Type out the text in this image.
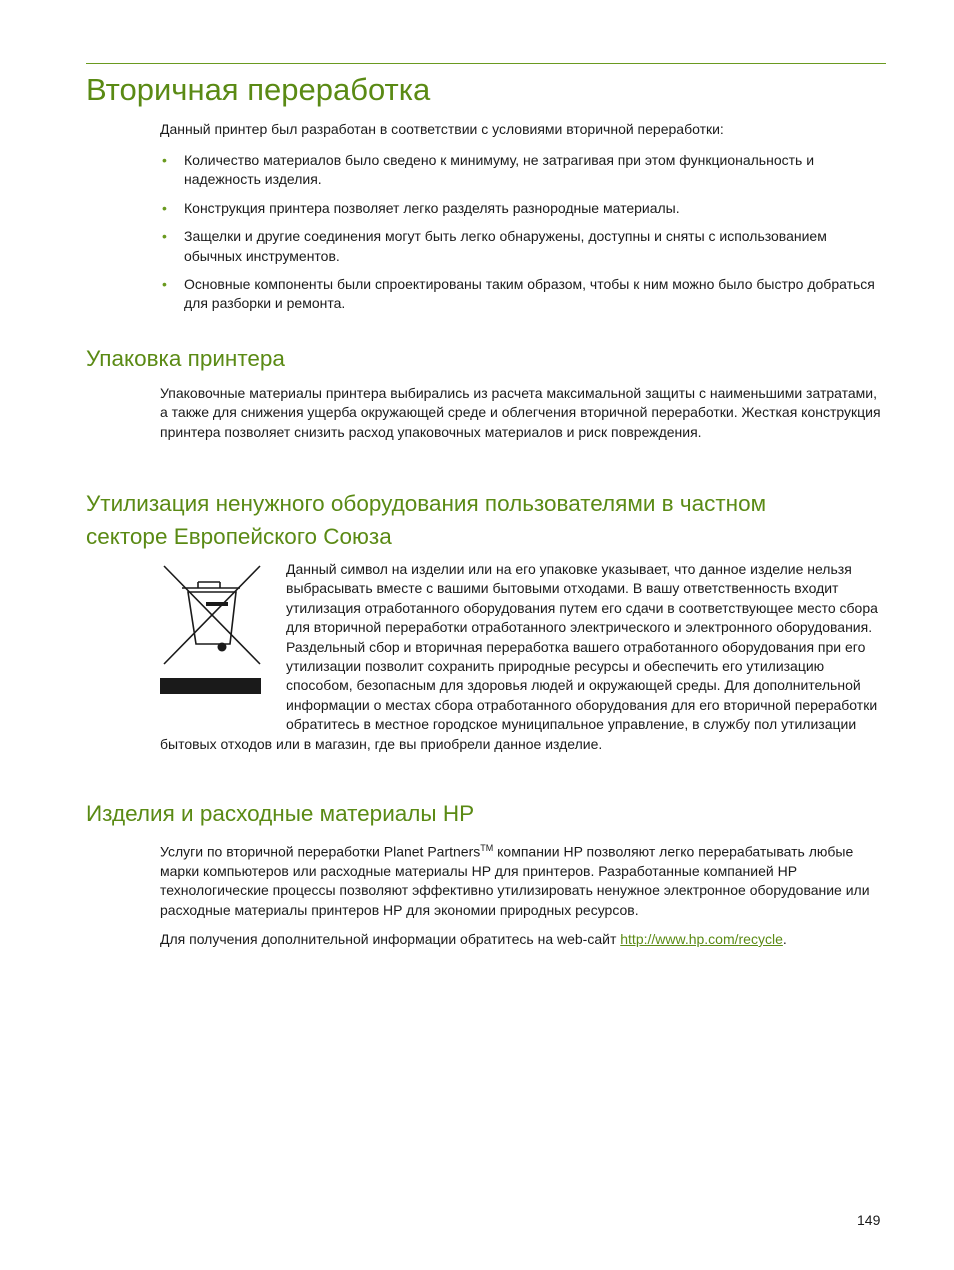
Вторичная переработка

Данный принтер был разработан в соответствии с условиями вторичной переработки:

• Количество материалов было сведено к минимуму, не затрагивая при этом функциональность и надежность изделия.
• Конструкция принтера позволяет легко разделять разнородные материалы.
• Защелки и другие соединения могут быть легко обнаружены, доступны и сняты с использованием обычных инструментов.
• Основные компоненты были спроектированы таким образом, чтобы к ним можно было быстро добраться для разборки и ремонта.
Упаковка принтера

Упаковочные материалы принтера выбирались из расчета максимальной защиты с наименьшими затратами, а также для снижения ущерба окружающей среде и облегчения вторичной переработки. Жесткая конструкция принтера позволяет снизить расход упаковочных материалов и риск повреждения.

Утилизация ненужного оборудования пользователями в частном
секторе Европейского Союза
Данный символ на изделии или на его упаковке указывает, что данное изделие нельзя выбрасывать вместе с вашими бытовыми отходами. В вашу ответственность входит утилизация отработанного оборудования путем его сдачи в соответствующее место сбора для вторичной переработки отработанного электрического и электронного оборудования. Раздельный сбор и вторичная переработка вашего отработанного оборудования при его утилизации позволит сохранить природные ресурсы и обеспечить его утилизацию способом, безопасным для здоровья людей и окружающей среды. Для дополнительной информации о местах сбора отработанного оборудования для его вторичной переработки обратитесь в местное городское муниципальное управление, в службу пол утилизации бытовых отходов или в магазин, где вы приобрели данное изделие.
Изделия и расходные материалы HP

Услуги по вторичной переработки Planet Partners™ компании HP позволяют легко перерабатывать любые марки компьютеров или расходные материалы HP для принтеров. Разработанные компанией HP технологические процессы позволяют эффективно утилизировать ненужное электронное оборудование или расходные материалы принтеров HP для экономии природных ресурсов.

Для получения дополнительной информации обратитесь на web-сайт http://www.hp.com/recycle.

149
